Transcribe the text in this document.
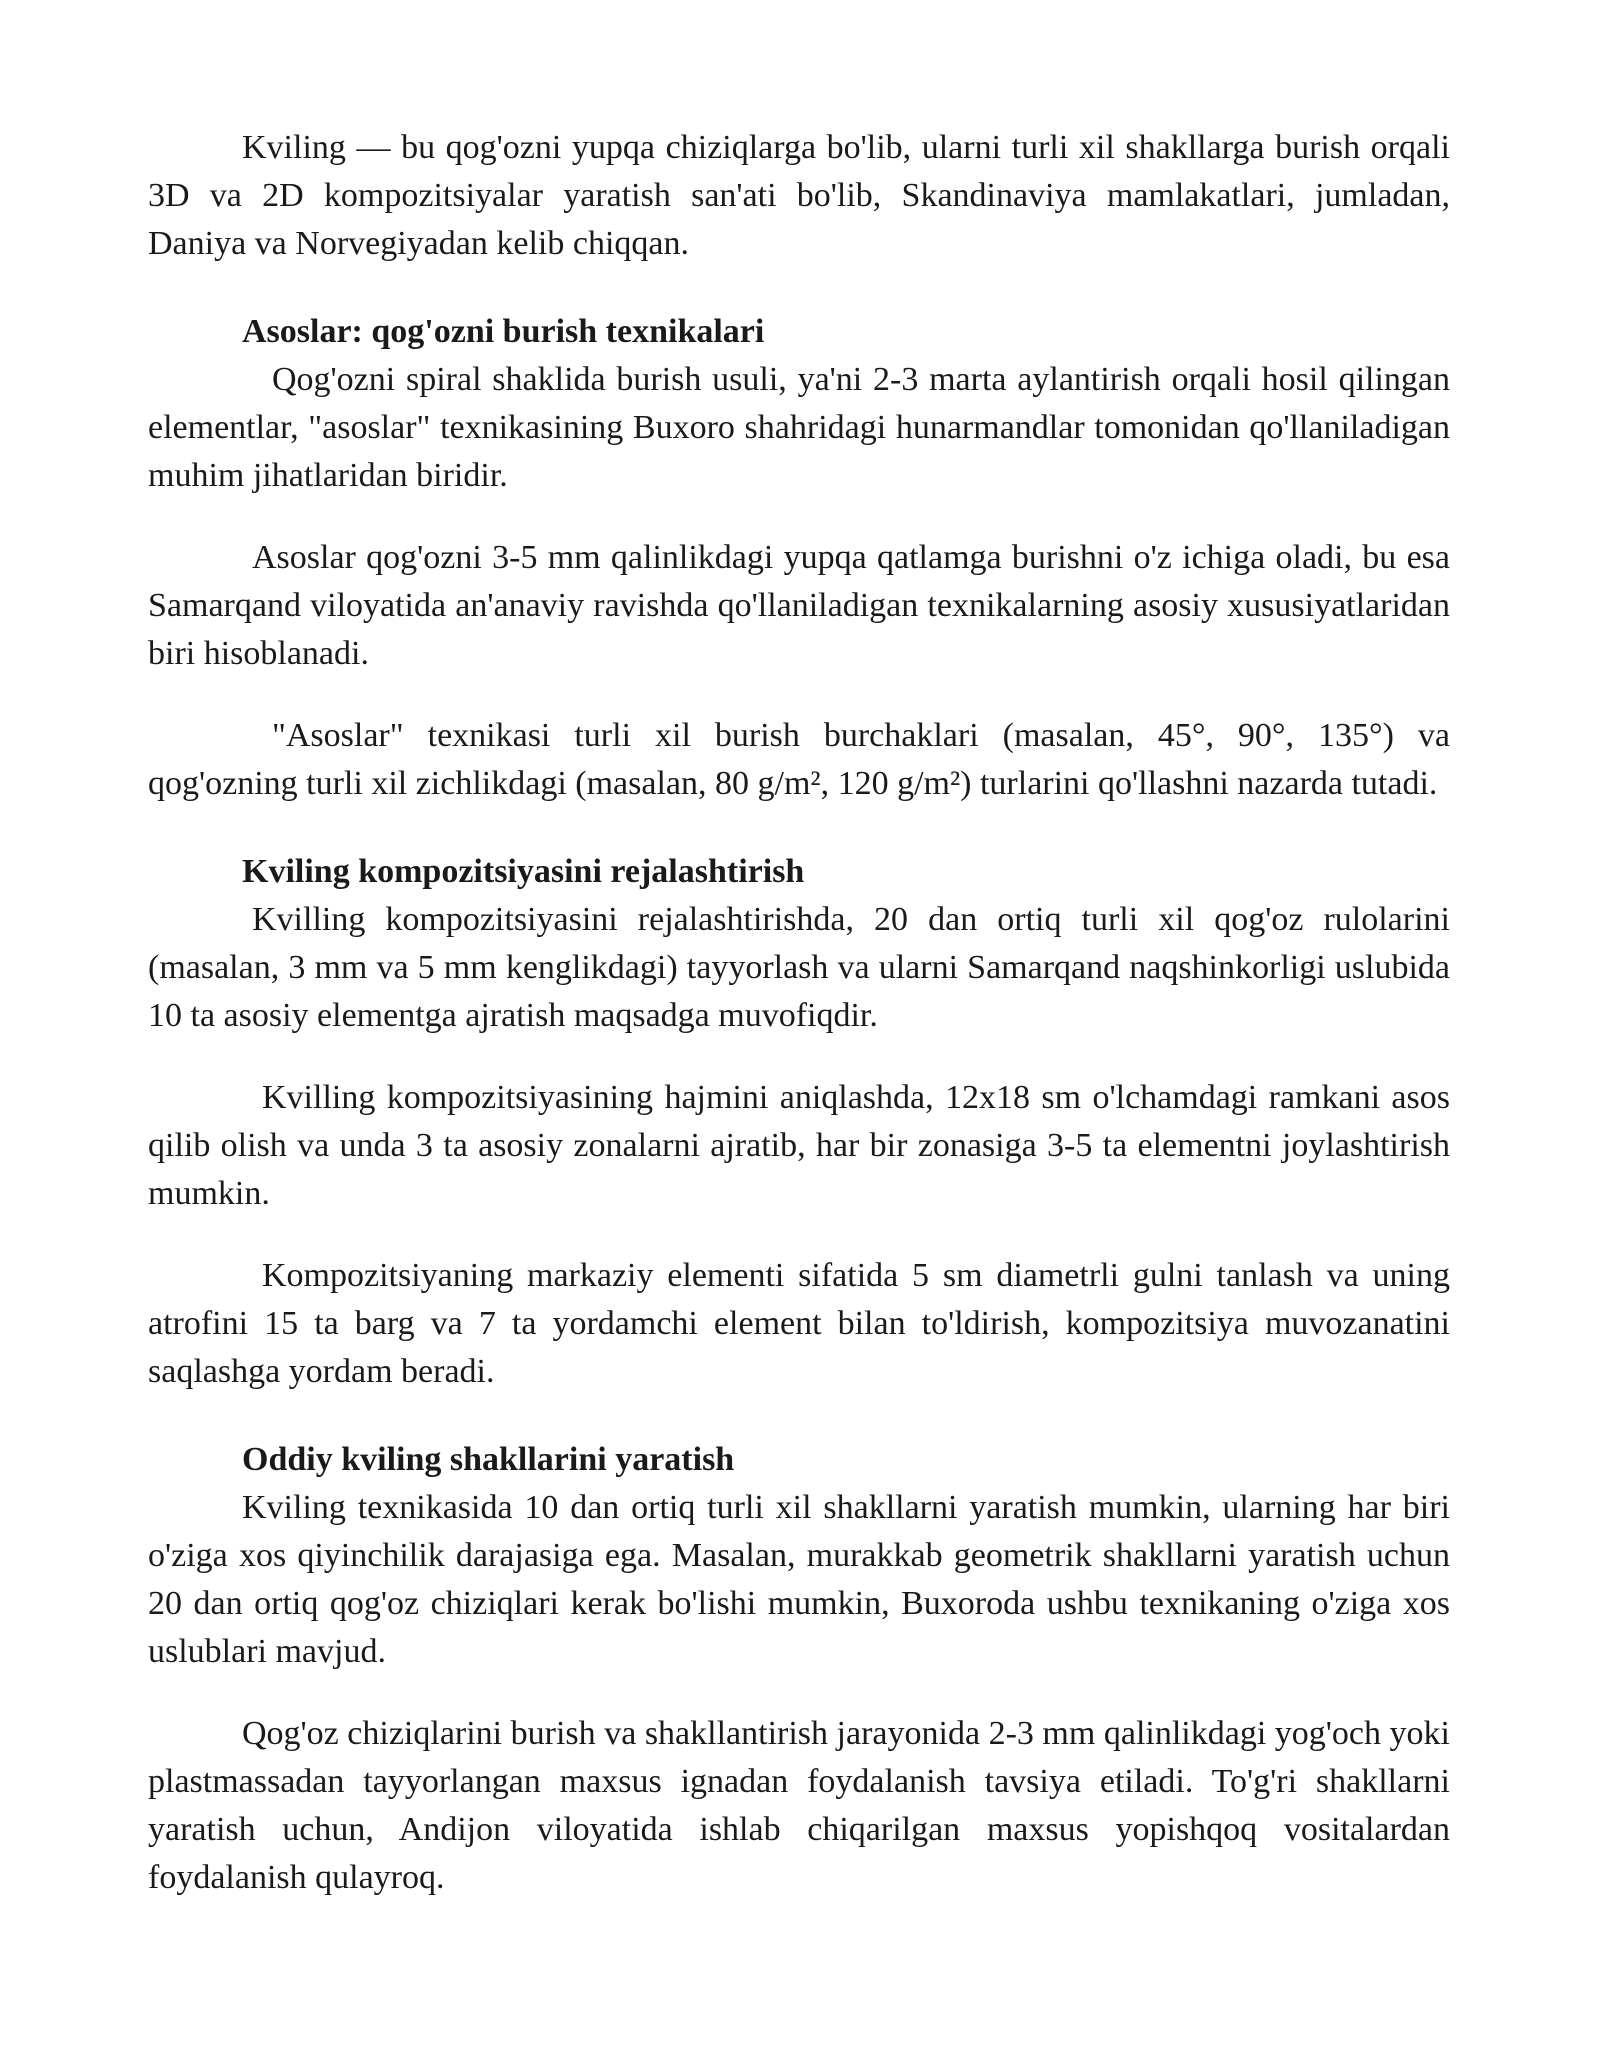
Kviling — bu qog'ozni yupqa chiziqlarga bo'lib, ularni turli xil shakllarga burish orqali 3D va 2D kompozitsiyalar yaratish san'ati bo'lib, Skandinaviya mamlakatlari, jumladan, Daniya va Norvegiyadan kelib chiqqan.

Asoslar: qog'ozni burish texnikalari

Qog'ozni spiral shaklida burish usuli, ya'ni 2-3 marta aylantirish orqali hosil qilingan elementlar, "asoslar" texnikasining Buxoro shahridagi hunarmandlar tomonidan qo'llaniladigan muhim jihatlaridan biridir.

Asoslar qog'ozni 3-5 mm qalinlikdagi yupqa qatlamga burishni o'z ichiga oladi, bu esa Samarqand viloyatida an'anaviy ravishda qo'llaniladigan texnikalarning asosiy xususiyatlaridan biri hisoblanadi.

"Asoslar" texnikasi turli xil burish burchaklari (masalan, 45°, 90°, 135°) va qog'ozning turli xil zichlikdagi (masalan, 80 g/m², 120 g/m²) turlarini qo'llashni nazarda tutadi.

Kviling kompozitsiyasini rejalashtirish

Kvilling kompozitsiyasini rejalashtirishda, 20 dan ortiq turli xil qog'oz rulolarini (masalan, 3 mm va 5 mm kenglikdagi) tayyorlash va ularni Samarqand naqshinkorligi uslubida 10 ta asosiy elementga ajratish maqsadga muvofiqdir.

Kvilling kompozitsiyasining hajmini aniqlashda, 12x18 sm o'lchamdagi ramkani asos qilib olish va unda 3 ta asosiy zonalarni ajratib, har bir zonasiga 3-5 ta elementni joylashtirish mumkin.

Kompozitsiyaning markaziy elementi sifatida 5 sm diametrli gulni tanlash va uning atrofini 15 ta barg va 7 ta yordamchi element bilan to'ldirish, kompozitsiya muvozanatini saqlashga yordam beradi.

Oddiy kviling shakllarini yaratish

Kviling texnikasida 10 dan ortiq turli xil shakllarni yaratish mumkin, ularning har biri o'ziga xos qiyinchilik darajasiga ega. Masalan, murakkab geometrik shakllarni yaratish uchun 20 dan ortiq qog'oz chiziqlari kerak bo'lishi mumkin, Buxoroda ushbu texnikaning o'ziga xos uslublari mavjud.

Qog'oz chiziqlarini burish va shakllantirish jarayonida 2-3 mm qalinlikdagi yog'och yoki plastmassadan tayyorlangan maxsus ignadan foydalanish tavsiya etiladi. To'g'ri shakllarni yaratish uchun, Andijon viloyatida ishlab chiqarilgan maxsus yopishqoq vositalardan foydalanish qulayroq.
